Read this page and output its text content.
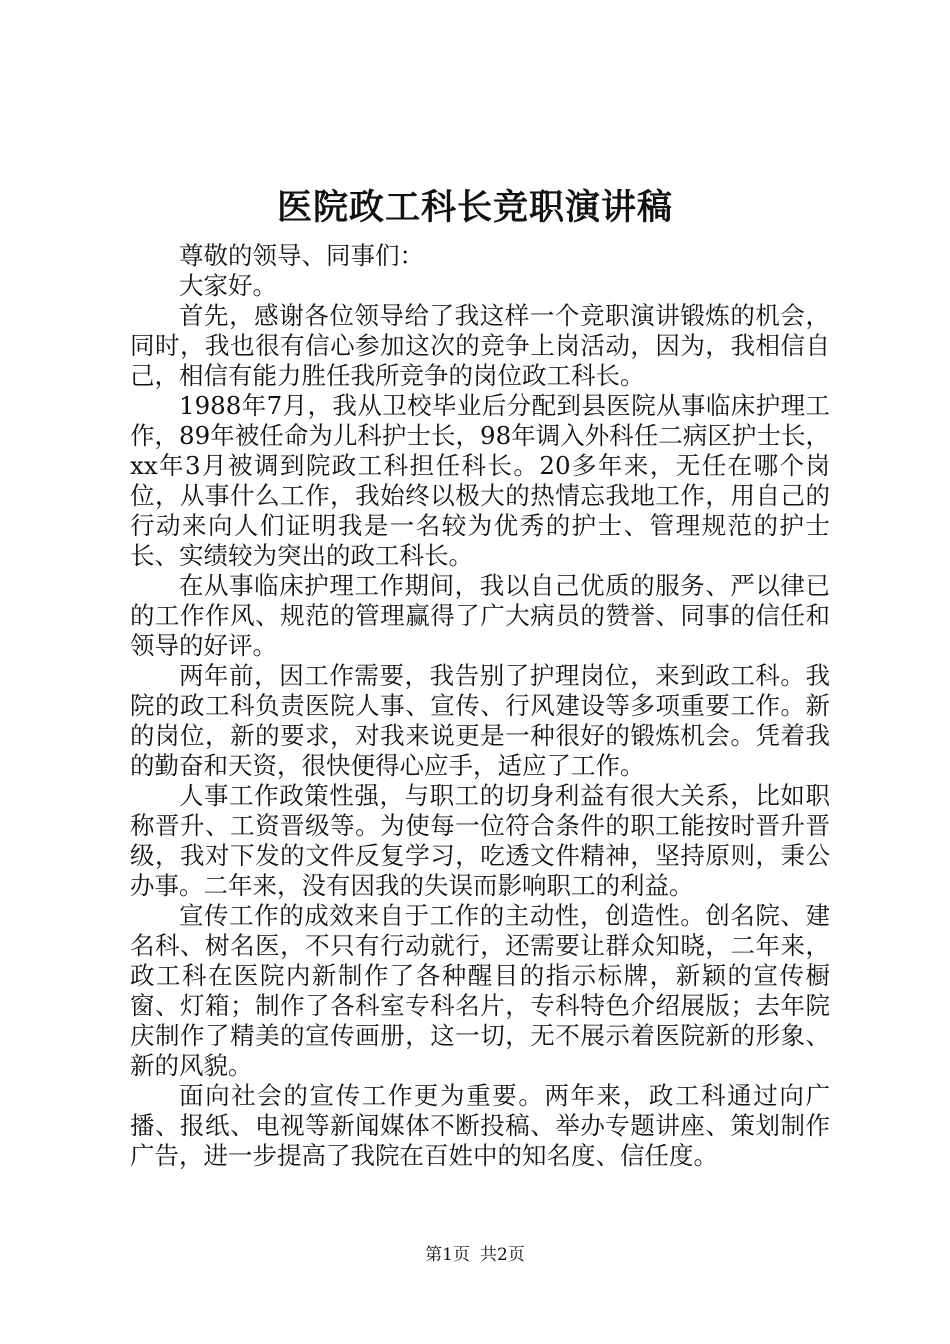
医院政工科长竞职演讲稿

尊敬的领导、同事们：

大家好。

首先，感谢各位领导给了我这样一个竞职演讲锻炼的机会，同时，我也很有信心参加这次的竞争上岗活动，因为，我相信自己，相信有能力胜任我所竞争的岗位政工科长。

1988年7月，我从卫校毕业后分配到县医院从事临床护理工作，89年被任命为儿科护士长，98年调入外科任二病区护士长，xx年3月被调到院政工科担任科长。20多年来，无任在哪个岗位，从事什么工作，我始终以极大的热情忘我地工作，用自己的行动来向人们证明我是一名较为优秀的护士、管理规范的护士长、实绩较为突出的政工科长。

在从事临床护理工作期间，我以自己优质的服务、严以律已的工作作风、规范的管理赢得了广大病员的赞誉、同事的信任和领导的好评。

两年前，因工作需要，我告别了护理岗位，来到政工科。我院的政工科负责医院人事、宣传、行风建设等多项重要工作。新的岗位，新的要求，对我来说更是一种很好的锻炼机会。凭着我的勤奋和天资，很快便得心应手，适应了工作。

人事工作政策性强，与职工的切身利益有很大关系，比如职称晋升、工资晋级等。为使每一位符合条件的职工能按时晋升晋级，我对下发的文件反复学习，吃透文件精神，坚持原则，秉公办事。二年来，没有因我的失误而影响职工的利益。

宣传工作的成效来自于工作的主动性，创造性。创名院、建名科、树名医，不只有行动就行，还需要让群众知晓，二年来，政工科在医院内新制作了各种醒目的指示标牌，新颖的宣传橱窗、灯箱；制作了各科室专科名片，专科特色介绍展版；去年院庆制作了精美的宣传画册，这一切，无不展示着医院新的形象、新的风貌。

面向社会的宣传工作更为重要。两年来，政工科通过向广播、报纸、电视等新闻媒体不断投稿、举办专题讲座、策划制作广告，进一步提高了我院在百姓中的知名度、信任度。

第1页 共2页
